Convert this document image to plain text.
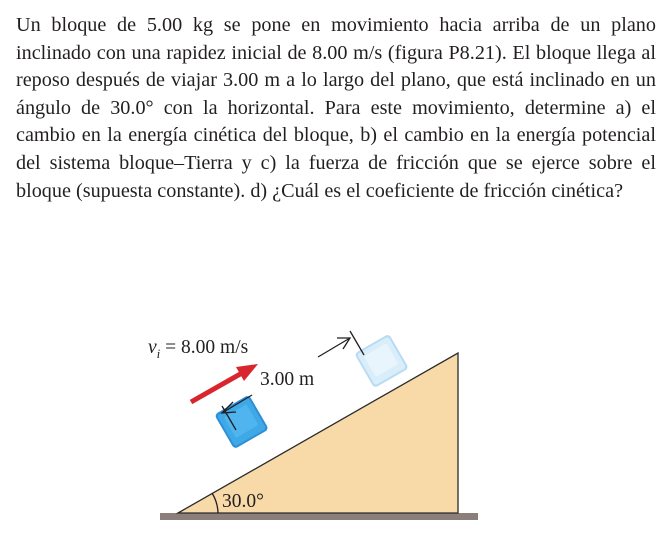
Un bloque de 5.00 kg se pone en movimiento hacia arriba de un plano inclinado con una rapidez inicial de 8.00 m/s (figura P8.21). El bloque llega al reposo después de viajar 3.00 m a lo largo del plano, que está inclinado en un ángulo de 30.0° con la horizontal. Para este movimiento, determine a) el cambio en la energía cinética del bloque, b) el cambio en la energía potencial del sistema bloque–Tierra y c) la fuerza de fricción que se ejerce sobre el bloque (supuesta constante). d) ¿Cuál es el coeficiente de fricción cinética?

$v_i = 8.00$ m/s
3.00 m
30.0°
